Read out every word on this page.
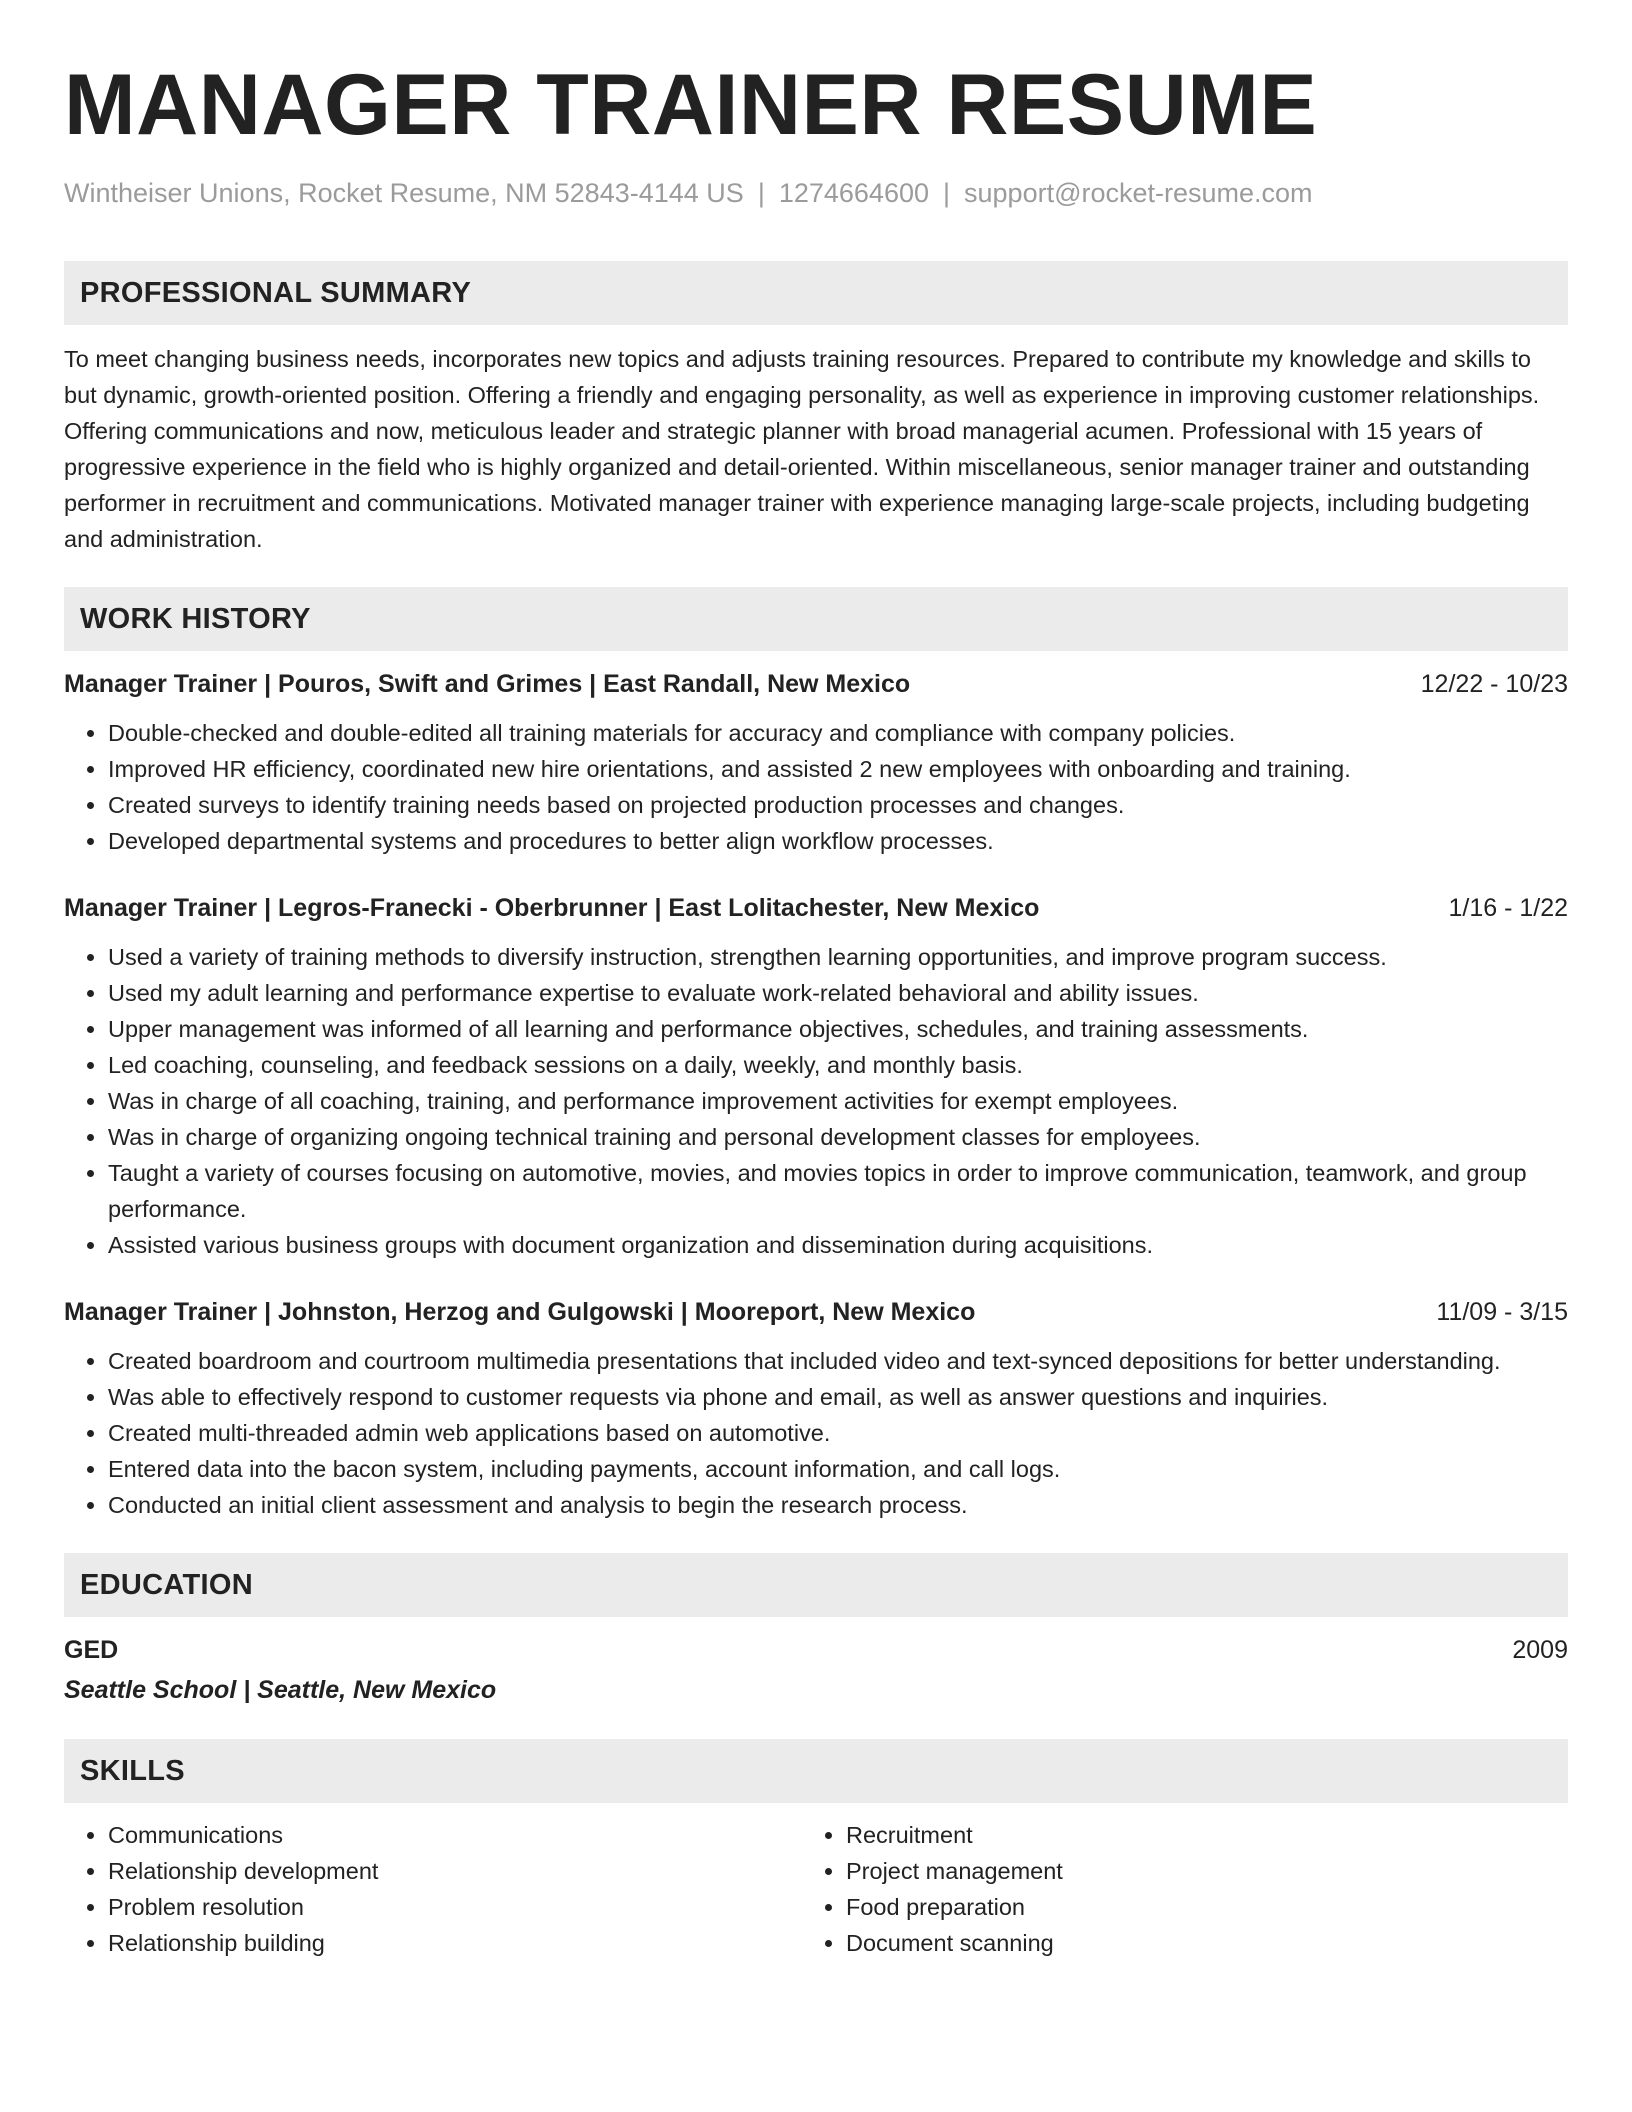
MANAGER TRAINER RESUME
Wintheiser Unions, Rocket Resume, NM 52843-4144 US | 1274664600 | support@rocket-resume.com
PROFESSIONAL SUMMARY

To meet changing business needs, incorporates new topics and adjusts training resources. Prepared to contribute my knowledge and skills to but dynamic, growth-oriented position. Offering a friendly and engaging personality, as well as experience in improving customer relationships. Offering communications and now, meticulous leader and strategic planner with broad managerial acumen. Professional with 15 years of progressive experience in the field who is highly organized and detail-oriented. Within miscellaneous, senior manager trainer and outstanding performer in recruitment and communications. Motivated manager trainer with experience managing large-scale projects, including budgeting and administration.

WORK HISTORY
Manager Trainer | Pouros, Swift and Grimes | East Randall, New Mexico	12/22 - 10/23
• Double-checked and double-edited all training materials for accuracy and compliance with company policies.
• Improved HR efficiency, coordinated new hire orientations, and assisted 2 new employees with onboarding and training.
• Created surveys to identify training needs based on projected production processes and changes.
• Developed departmental systems and procedures to better align workflow processes.
Manager Trainer | Legros-Franecki - Oberbrunner | East Lolitachester, New Mexico	1/16 - 1/22
• Used a variety of training methods to diversify instruction, strengthen learning opportunities, and improve program success.
• Used my adult learning and performance expertise to evaluate work-related behavioral and ability issues.
• Upper management was informed of all learning and performance objectives, schedules, and training assessments.
• Led coaching, counseling, and feedback sessions on a daily, weekly, and monthly basis.
• Was in charge of all coaching, training, and performance improvement activities for exempt employees.
• Was in charge of organizing ongoing technical training and personal development classes for employees.
• Taught a variety of courses focusing on automotive, movies, and movies topics in order to improve communication, teamwork, and group performance.
• Assisted various business groups with document organization and dissemination during acquisitions.
Manager Trainer | Johnston, Herzog and Gulgowski | Mooreport, New Mexico	11/09 - 3/15
• Created boardroom and courtroom multimedia presentations that included video and text-synced depositions for better understanding.
• Was able to effectively respond to customer requests via phone and email, as well as answer questions and inquiries.
• Created multi-threaded admin web applications based on automotive.
• Entered data into the bacon system, including payments, account information, and call logs.
• Conducted an initial client assessment and analysis to begin the research process.
EDUCATION
GED	2009
Seattle School | Seattle, New Mexico
SKILLS
• Communications
• Relationship development
• Problem resolution
• Relationship building
• Recruitment
• Project management
• Food preparation
• Document scanning
